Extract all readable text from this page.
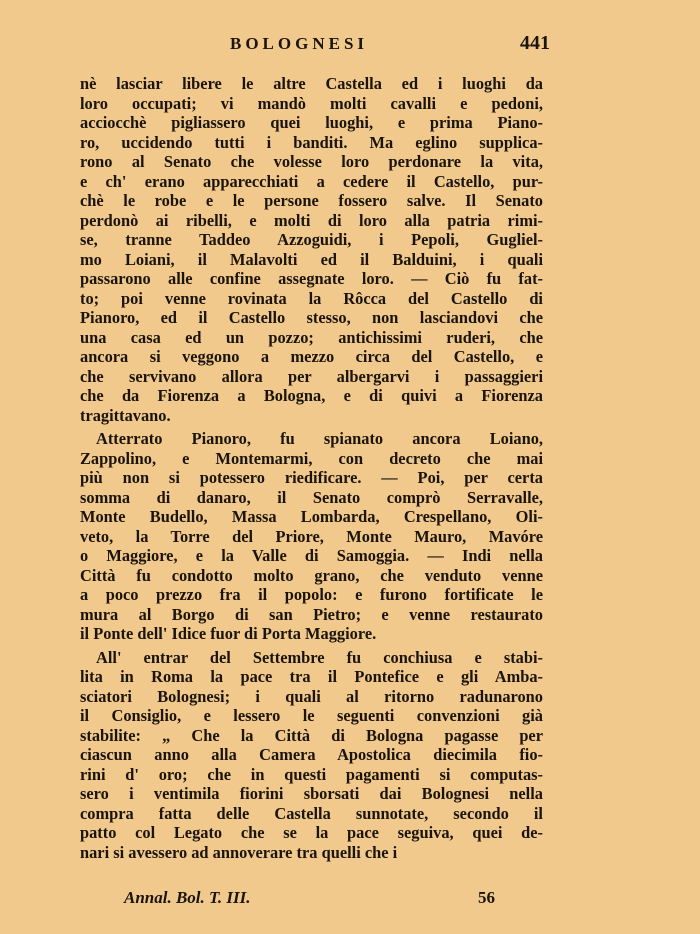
BOLOGNESI	441
nè lasciar libere le altre Castella ed i luoghi da
loro occupati; vi mandò molti cavalli e pedoni,
acciocchè pigliassero quei luoghi, e prima Piano-
ro, uccidendo tutti i banditi. Ma eglino supplica-
rono al Senato che volesse loro perdonare la vita,
e ch' erano apparecchiati a cedere il Castello, pur-
chè le robe e le persone fossero salve. Il Senato
perdonò ai ribelli, e molti di loro alla patria rimi-
se, tranne Taddeo Azzoguidi, i Pepoli, Gugliel-
mo Loiani, il Malavolti ed il Balduini, i quali
passarono alle confine assegnate loro. — Ciò fu fat-
to; poi venne rovinata la Rôcca del Castello di
Pianoro, ed il Castello stesso, non lasciandovi che
una casa ed un pozzo; antichissimi ruderi, che
ancora si veggono a mezzo circa del Castello, e
che servivano allora per albergarvi i passaggieri
che da Fiorenza a Bologna, e di quivi a Fiorenza
tragittavano.
Atterrato Pianoro, fu spianato ancora Loiano,
Zappolino, e Montemarmi, con decreto che mai
più non si potessero riedificare. — Poi, per certa
somma di danaro, il Senato comprò Serravalle,
Monte Budello, Massa Lombarda, Crespellano, Oli-
veto, la Torre del Priore, Monte Mauro, Mavóre
o Maggiore, e la Valle di Samoggia. — Indi nella
Città fu condotto molto grano, che venduto venne
a poco prezzo fra il popolo: e furono fortificate le
mura al Borgo di san Pietro; e venne restaurato
il Ponte dell' Idice fuor di Porta Maggiore.
All' entrar del Settembre fu conchiusa e stabi-
lita in Roma la pace tra il Pontefice e gli Amba-
sciatori Bolognesi; i quali al ritorno radunarono
il Consiglio, e lessero le seguenti convenzioni già
stabilite: „ Che la Città di Bologna pagasse per
ciascun anno alla Camera Apostolica diecimila fio-
rini d' oro; che in questi pagamenti si computas-
sero i ventimila fiorini sborsati dai Bolognesi nella
compra fatta delle Castella sunnotate, secondo il
patto col Legato che se la pace seguiva, quei de-
nari si avessero ad annoverare tra quelli che i
Annal. Bol. T. III.	56
